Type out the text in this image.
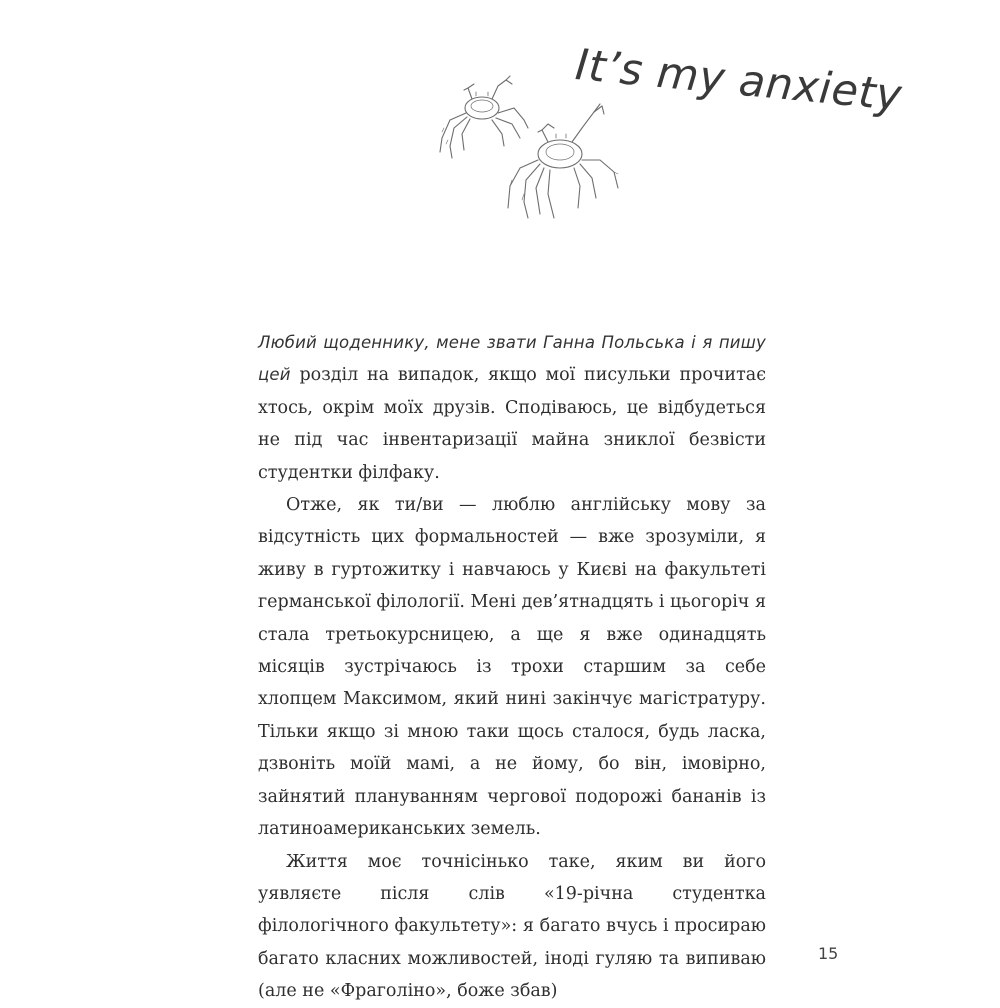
It’s my anxiety

Любий щоденнику, мене звати Ганна Польська і я пишу цей розділ на випадок, якщо мої писульки прочитає хтось, окрім моїх друзів. Сподіваюсь, це відбудеться не під час інвентаризації майна зниклої безвісти студентки філфаку.

Отже, як ти/ви — люблю англійську мову за відсутність цих формальностей — вже зрозуміли, я живу в гуртожитку і навчаюсь у Києві на факультеті германської філології. Мені дев’ятнадцять і цьогоріч я стала третьокурсницею, а ще я вже одинадцять місяців зустрічаюсь із трохи старшим за себе хлопцем Максимом, який нині закінчує магістратуру. Тільки якщо зі мною таки щось сталося, будь ласка, дзвоніть моїй мамі, а не йому, бо він, імовірно, зайнятий плануванням чергової подорожі бананів із латиноамериканських земель.

Життя моє точнісінько таке, яким ви його уявляєте після слів «19-річна студентка філологічного факультету»: я багато вчусь і просираю багато класних можливостей, іноді гуляю та випиваю (але не «Фраголіно», боже збав)

15
